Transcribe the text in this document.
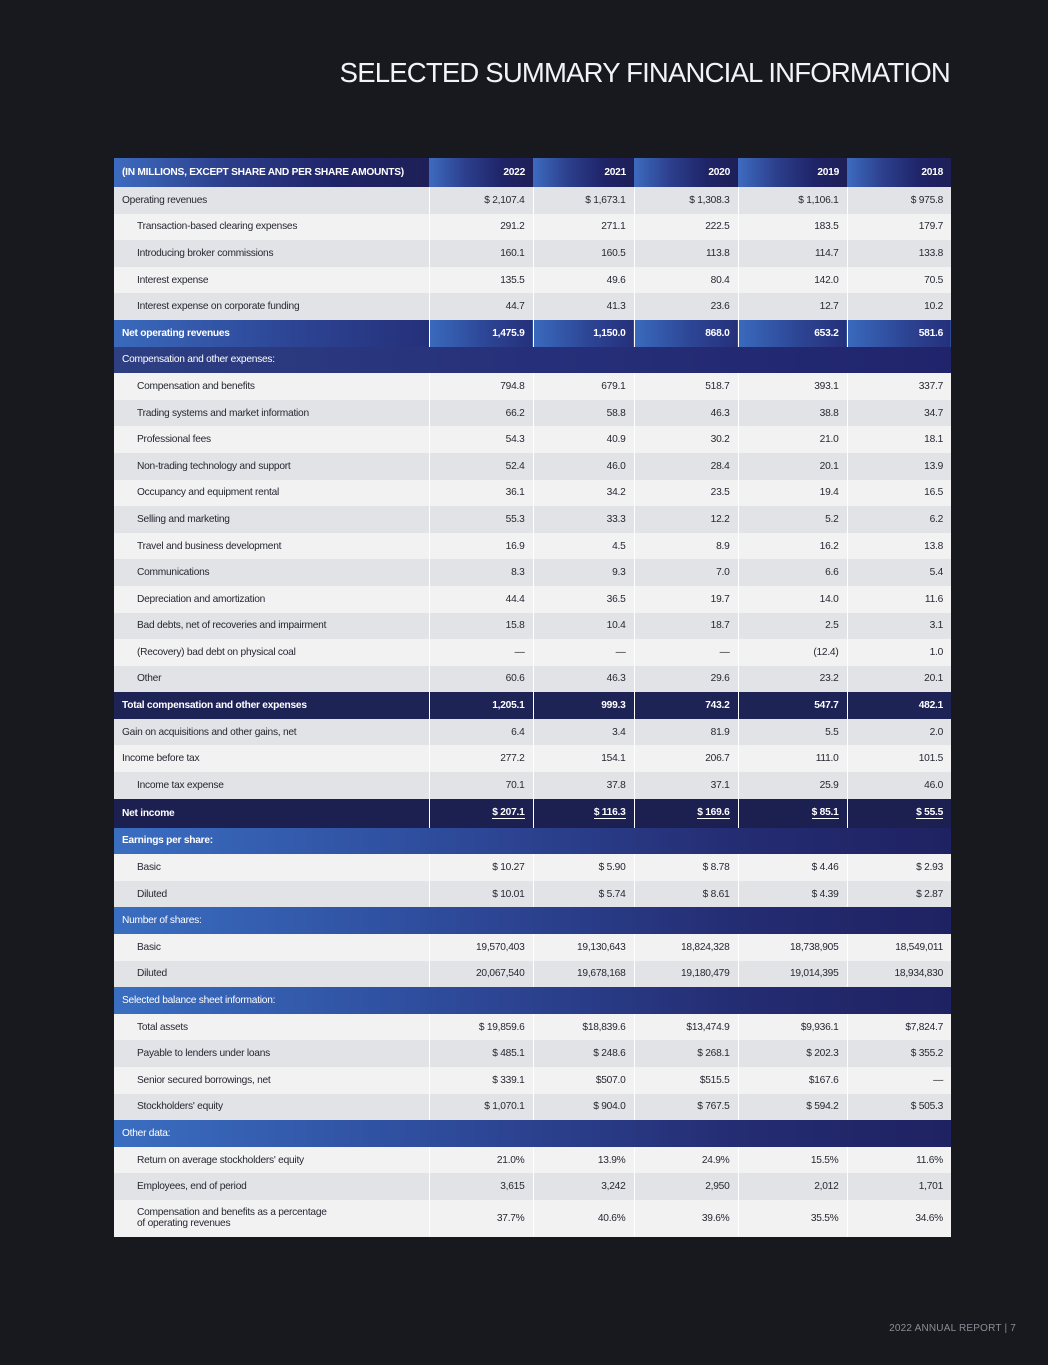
SELECTED SUMMARY FINANCIAL INFORMATION
(IN MILLIONS, EXCEPT SHARE AND PER SHARE AMOUNTS)	2022	2021	2020	2019	2018
Operating revenues	$ 2,107.4	$ 1,673.1	$ 1,308.3	$ 1,106.1	$ 975.8
Transaction-based clearing expenses	291.2	271.1	222.5	183.5	179.7
Introducing broker commissions	160.1	160.5	113.8	114.7	133.8
Interest expense	135.5	49.6	80.4	142.0	70.5
Interest expense on corporate funding	44.7	41.3	23.6	12.7	10.2
Net operating revenues	1,475.9	1,150.0	868.0	653.2	581.6
Compensation and other expenses:					
Compensation and benefits	794.8	679.1	518.7	393.1	337.7
Trading systems and market information	66.2	58.8	46.3	38.8	34.7
Professional fees	54.3	40.9	30.2	21.0	18.1
Non-trading technology and support	52.4	46.0	28.4	20.1	13.9
Occupancy and equipment rental	36.1	34.2	23.5	19.4	16.5
Selling and marketing	55.3	33.3	12.2	5.2	6.2
Travel and business development	16.9	4.5	8.9	16.2	13.8
Communications	8.3	9.3	7.0	6.6	5.4
Depreciation and amortization	44.4	36.5	19.7	14.0	11.6
Bad debts, net of recoveries and impairment	15.8	10.4	18.7	2.5	3.1
(Recovery) bad debt on physical coal	—	—	—	(12.4)	1.0
Other	60.6	46.3	29.6	23.2	20.1
Total compensation and other expenses	1,205.1	999.3	743.2	547.7	482.1
Gain on acquisitions and other gains, net	6.4	3.4	81.9	5.5	2.0
Income before tax	277.2	154.1	206.7	111.0	101.5
Income tax expense	70.1	37.8	37.1	25.9	46.0
Net income	$ 207.1	$ 116.3	$ 169.6	$ 85.1	$ 55.5
Earnings per share:					
Basic	$ 10.27	$ 5.90	$ 8.78	$ 4.46	$ 2.93
Diluted	$ 10.01	$ 5.74	$ 8.61	$ 4.39	$ 2.87
Number of shares:					
Basic	19,570,403	19,130,643	18,824,328	18,738,905	18,549,011
Diluted	20,067,540	19,678,168	19,180,479	19,014,395	18,934,830
Selected balance sheet information:					
Total assets	$ 19,859.6	$18,839.6	$13,474.9	$9,936.1	$7,824.7
Payable to lenders under loans	$ 485.1	$ 248.6	$ 268.1	$ 202.3	$ 355.2
Senior secured borrowings, net	$ 339.1	$507.0	$515.5	$167.6	—
Stockholders' equity	$ 1,070.1	$ 904.0	$ 767.5	$ 594.2	$ 505.3
Other data:					
Return on average stockholders' equity	21.0%	13.9%	24.9%	15.5%	11.6%
Employees, end of period	3,615	3,242	2,950	2,012	1,701
Compensation and benefits as a percentage of operating revenues	37.7%	40.6%	39.6%	35.5%	34.6%
2022 ANNUAL REPORT | 7
